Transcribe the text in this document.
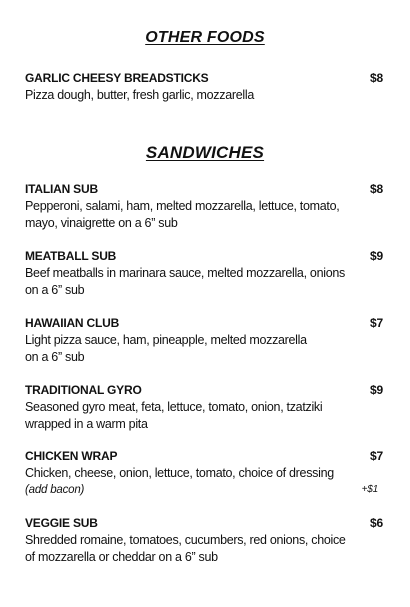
OTHER FOODS
GARLIC CHEESY BREADSTICKS	$8
Pizza dough, butter, fresh garlic, mozzarella
SANDWICHES
ITALIAN SUB	$8
Pepperoni, salami, ham, melted mozzarella, lettuce, tomato,
mayo, vinaigrette on a 6” sub
MEATBALL SUB	$9
Beef meatballs in marinara sauce, melted mozzarella, onions
on a 6” sub
HAWAIIAN CLUB	$7
Light pizza sauce, ham, pineapple, melted mozzarella
on a 6” sub
TRADITIONAL GYRO	$9
Seasoned gyro meat, feta, lettuce, tomato, onion, tzatziki
wrapped in a warm pita
CHICKEN WRAP	$7
Chicken, cheese, onion, lettuce, tomato, choice of dressing
(add bacon)	+$1
VEGGIE SUB	$6
Shredded romaine, tomatoes, cucumbers, red onions, choice
of mozzarella or cheddar on a 6” sub
